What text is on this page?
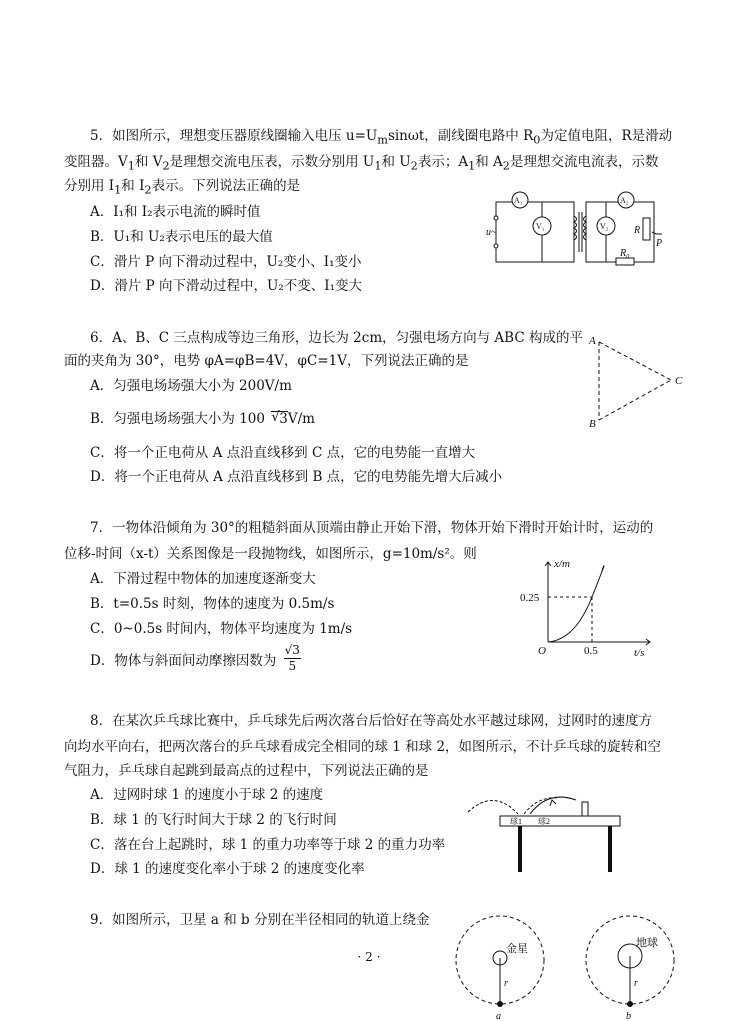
5．如图所示，理想变压器原线圈输入电压 $u=U_m\sin\omega t$，副线圈电路中 $R_0$为定值电阻，R是滑动
变阻器。$V_1$和 $V_2$是理想交流电压表，示数分别用 $U_1$和 $U_2$表示；$A_1$和 $A_2$是理想交流电流表，示数
分别用 $I_1$和 $I_2$表示。下列说法正确的是
A．I₁和 I₂表示电流的瞬时值
B．U₁和 U₂表示电压的最大值
C．滑片 P 向下滑动过程中，U₂变小、I₁变小
D．滑片 P 向下滑动过程中，U₂不变、I₁变大
A₁
V₁	V₂
A₂
u~	R
P
R₀
6．A、B、C 三点构成等边三角形，边长为 2cm，匀强电场方向与 ABC 构成的平
面的夹角为 30°，电势 φA=φB=4V，φC=1V，下列说法正确的是
A．匀强电场场强大小为 200V/m
B．匀强电场场强大小为 100 √ 3V/m
C．将一个正电荷从 A 点沿直线移到 C 点，它的电势能一直增大
D．将一个正电荷从 A 点沿直线移到 B 点，它的电势能先增大后减小
A
B
C
7．一物体沿倾角为 30°的粗糙斜面从顶端由静止开始下滑，物体开始下滑时开始计时，运动的
位移-时间（x-t）关系图像是一段抛物线，如图所示，g=10m/s²。则
A．下滑过程中物体的加速度逐渐变大
B．t=0.5s 时刻，物体的速度为 0.5m/s
C．0~0.5s 时间内，物体平均速度为 1m/s
D．物体与斜面间动摩擦因数为 $\frac{√3}{5}$
x/m
t/s
O
0.25
0.5
8．在某次乒乓球比赛中，乒乓球先后两次落台后恰好在等高处水平越过球网，过网时的速度方
向均水平向右，把两次落台的乒乓球看成完全相同的球 1 和球 2，如图所示，不计乒乓球的旋转和空
气阻力，乒乓球自起跳到最高点的过程中，下列说法正确的是
A．过网时球 1 的速度小于球 2 的速度
B．球 1 的飞行时间大于球 2 的飞行时间
C．落在台上起跳时，球 1 的重力功率等于球 2 的重力功率
D．球 1 的速度变化率小于球 2 的速度变化率
球1 球2
9．如图所示，卫星 a 和 b 分别在半径相同的轨道上绕金
金星	地球
r	r
a	b
· 2 ·
